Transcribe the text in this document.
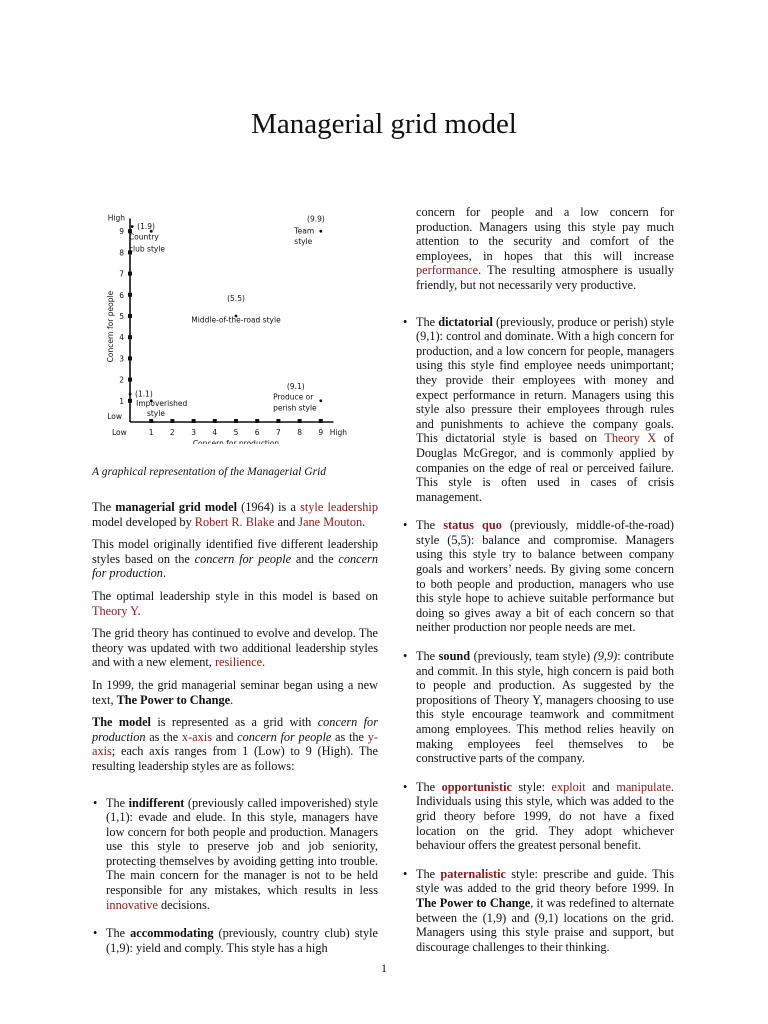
Managerial grid model
1 2 3 4 5 6 7 8 9
1
2
3
4
5
6
7
8
9
Low	High
Low
High
Concern for production
Concern for people
(1.9)
Country
club style
(9.9)
Team
style
(5.5)
Middle-of-the-road style
(1.1)
Impoverished
style
(9.1)
Produce or
perish style
A graphical representation of the Managerial Grid

The managerial grid model (1964) is a style leadership model developed by Robert R. Blake and Jane Mouton.

This model originally identified five different leadership styles based on the concern for people and the concern for production.

The optimal leadership style in this model is based on Theory Y.

The grid theory has continued to evolve and develop. The theory was updated with two additional leadership styles and with a new element, resilience.

In 1999, the grid managerial seminar began using a new text, The Power to Change.

The model is represented as a grid with concern for production as the x-axis and concern for people as the y-axis; each axis ranges from 1 (Low) to 9 (High). The resulting leadership styles are as follows:

• The indifferent (previously called impoverished) style (1,1): evade and elude. In this style, managers have low concern for both people and production. Managers use this style to preserve job and job seniority, protecting themselves by avoiding getting into trouble. The main concern for the manager is not to be held responsible for any mistakes, which results in less innovative decisions.
• The accommodating (previously, country club) style (1,9): yield and comply. This style has a high

concern for people and a low concern for production. Managers using this style pay much attention to the security and comfort of the employees, in hopes that this will increase performance. The resulting atmosphere is usually friendly, but not necessarily very productive.

• The dictatorial (previously, produce or perish) style (9,1): control and dominate. With a high concern for production, and a low concern for people, managers using this style find employee needs unimportant; they provide their employees with money and expect performance in return. Managers using this style also pressure their employees through rules and punishments to achieve the company goals. This dictatorial style is based on Theory X of Douglas McGregor, and is commonly applied by companies on the edge of real or perceived failure. This style is often used in cases of crisis management.
• The status quo (previously, middle-of-the-road) style (5,5): balance and compromise. Managers using this style try to balance between company goals and workers’ needs. By giving some concern to both people and production, managers who use this style hope to achieve suitable performance but doing so gives away a bit of each concern so that neither production nor people needs are met.
• The sound (previously, team style) (9,9): contribute and commit. In this style, high concern is paid both to people and production. As suggested by the propositions of Theory Y, managers choosing to use this style encourage teamwork and commitment among employees. This method relies heavily on making employees feel themselves to be constructive parts of the company.
• The opportunistic style: exploit and manipulate. Individuals using this style, which was added to the grid theory before 1999, do not have a fixed location on the grid. They adopt whichever behaviour offers the greatest personal benefit.
• The paternalistic style: prescribe and guide. This style was added to the grid theory before 1999. In The Power to Change, it was redefined to alternate between the (1,9) and (9,1) locations on the grid. Managers using this style praise and support, but discourage challenges to their thinking.
1
